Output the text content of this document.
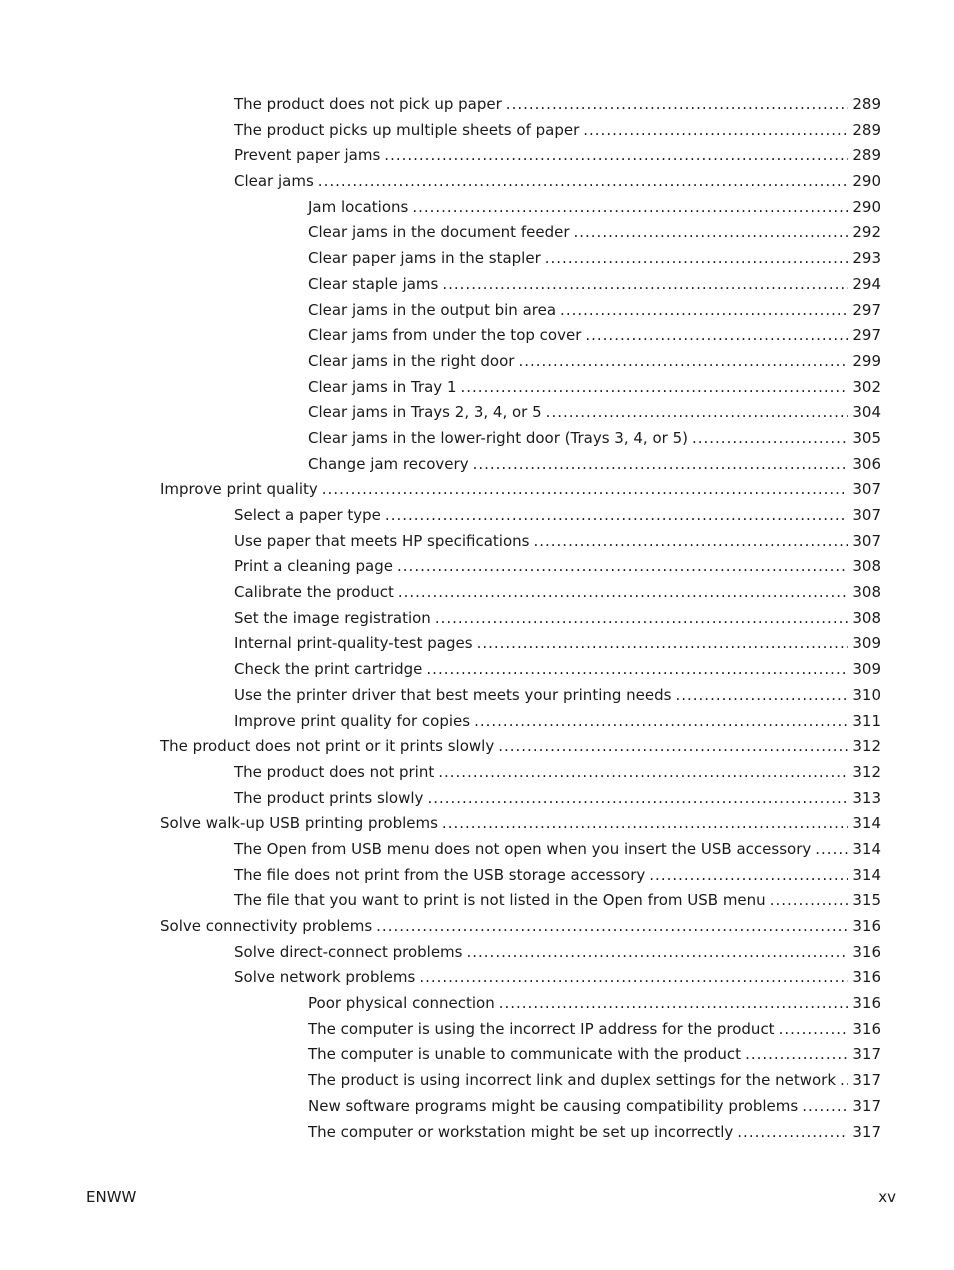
The product does not pick up paper .....	289
The product picks up multiple sheets of paper .....	289
Prevent paper jams .....	289
Clear jams .....	290
Jam locations .....	290
Clear jams in the document feeder .....	292
Clear paper jams in the stapler .....	293
Clear staple jams .....	294
Clear jams in the output bin area .....	297
Clear jams from under the top cover .....	297
Clear jams in the right door .....	299
Clear jams in Tray 1 .....	302
Clear jams in Trays 2, 3, 4, or 5 .....	304
Clear jams in the lower-right door (Trays 3, 4, or 5) .....	305
Change jam recovery .....	306
Improve print quality .....	307
Select a paper type .....	307
Use paper that meets HP specifications .....	307
Print a cleaning page .....	308
Calibrate the product .....	308
Set the image registration .....	308
Internal print-quality-test pages .....	309
Check the print cartridge .....	309
Use the printer driver that best meets your printing needs .....	310
Improve print quality for copies .....	311
The product does not print or it prints slowly .....	312
The product does not print .....	312
The product prints slowly .....	313
Solve walk-up USB printing problems .....	314
The Open from USB menu does not open when you insert the USB accessory .....	314
The file does not print from the USB storage accessory .....	314
The file that you want to print is not listed in the Open from USB menu .....	315
Solve connectivity problems .....	316
Solve direct-connect problems .....	316
Solve network problems .....	316
Poor physical connection .....	316
The computer is using the incorrect IP address for the product .....	316
The computer is unable to communicate with the product .....	317
The product is using incorrect link and duplex settings for the network ..... 317
New software programs might be causing compatibility problems .....	317
The computer or workstation might be set up incorrectly .....	317
ENWW	xv
